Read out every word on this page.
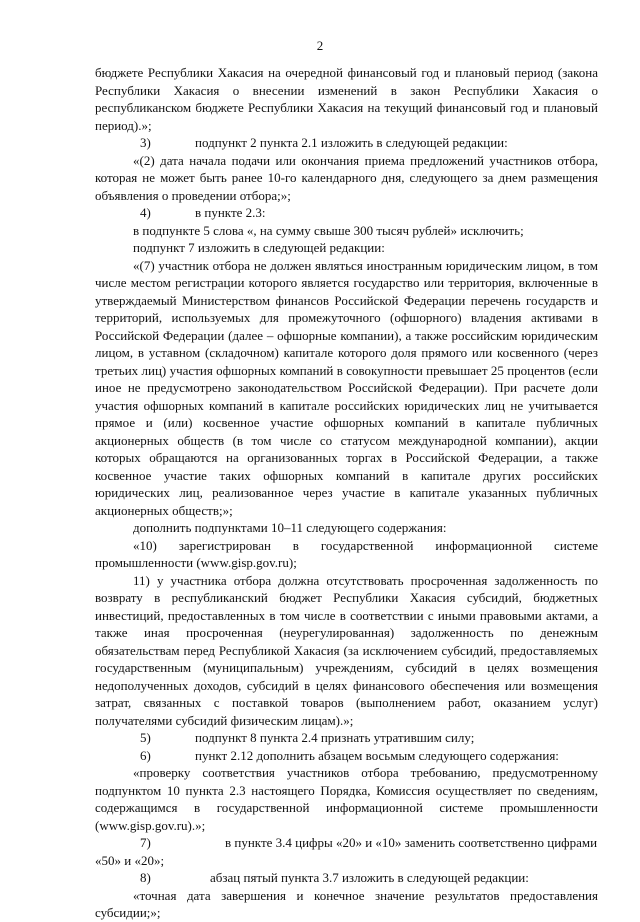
2

бюджете Республики Хакасия на очередной финансовый год и плановый период (закона Республики Хакасия о внесении изменений в закон Республики Хакасия о республиканском бюджете Республики Хакасия на текущий финансовый год и плановый период).»;

3)	подпункт 2 пункта 2.1 изложить в следующей редакции:

«(2) дата начала подачи или окончания приема предложений участников отбора, которая не может быть ранее 10-го календарного дня, следующего за днем размещения объявления о проведении отбора;»;

4)	в пункте 2.3:

в подпункте 5 слова «, на сумму свыше 300 тысяч рублей» исключить;

подпункт 7 изложить в следующей редакции:

«(7) участник отбора не должен являться иностранным юридическим лицом, в том числе местом регистрации которого является государство или территория, включенные в утверждаемый Министерством финансов Российской Федерации перечень государств и территорий, используемых для промежуточного (офшорного) владения активами в Российской Федерации (далее – офшорные компании), а также российским юридическим лицом, в уставном (складочном) капитале которого доля прямого или косвенного (через третьих лиц) участия офшорных компаний в совокупности превышает 25 процентов (если иное не предусмотрено законодательством Российской Федерации). При расчете доли участия офшорных компаний в капитале российских юридических лиц не учитывается прямое и (или) косвенное участие офшорных компаний в капитале публичных акционерных обществ (в том числе со статусом международной компании), акции которых обращаются на организованных торгах в Российской Федерации, а также косвенное участие таких офшорных компаний в капитале других российских юридических лиц, реализованное через участие в капитале указанных публичных акционерных обществ;»;

дополнить подпунктами 10–11 следующего содержания:

«10) зарегистрирован в государственной информационной системе промышленности (www.gisp.gov.ru);

11) у участника отбора должна отсутствовать просроченная задолженность по возврату в республиканский бюджет Республики Хакасия субсидий, бюджетных инвестиций, предоставленных в том числе в соответствии с иными правовыми актами, а также иная просроченная (неурегулированная) задолженность по денежным обязательствам перед Республикой Хакасия (за исключением субсидий, предоставляемых государственным (муниципальным) учреждениям, субсидий в целях возмещения недополученных доходов, субсидий в целях финансового обеспечения или возмещения затрат, связанных с поставкой товаров (выполнением работ, оказанием услуг) получателями субсидий физическим лицам).»;

5)	подпункт 8 пункта 2.4 признать утратившим силу;

6)	пункт 2.12 дополнить абзацем восьмым следующего содержания:

«проверку соответствия участников отбора требованию, предусмотренному подпунктом 10 пункта 2.3 настоящего Порядка, Комиссия осуществляет по сведениям, содержащимся в государственной информационной системе промышленности (www.gisp.gov.ru).»;

7)	в пункте 3.4 цифры «20» и «10» заменить соответственно цифрами «50» и «20»;

8)	абзац пятый пункта 3.7 изложить в следующей редакции:

«точная дата завершения и конечное значение результатов предоставления субсидии;»;
